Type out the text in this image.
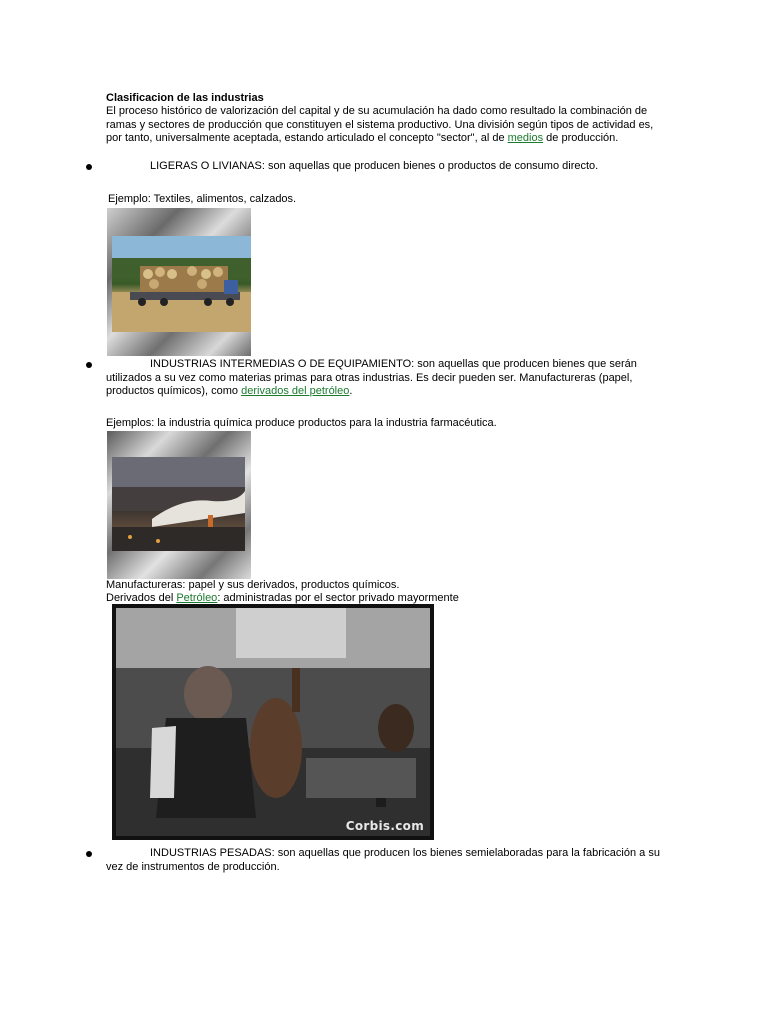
Clasificacion de las industrias
El proceso histórico de valorización del capital y de su acumulación ha dado como resultado la combinación de ramas y sectores de producción que constituyen el sistema productivo. Una división según tipos de actividad es, por tanto, universalmente aceptada, estando articulado el concepto "sector", al de medios de producción.
LIGERAS O LIVIANAS: son aquellas que producen bienes o productos de consumo directo.
Ejemplo: Textiles, alimentos, calzados.
INDUSTRIAS INTERMEDIAS O DE EQUIPAMIENTO: son aquellas que producen bienes que serán utilizados a su vez como materias primas para otras industrias. Es decir pueden ser. Manufactureras (papel, productos químicos), como derivados del petróleo.
Ejemplos: la industria química produce productos para la industria farmacéutica.
Manufactureras: papel y sus derivados, productos químicos.
Derivados del Petróleo: administradas por el sector privado mayormente
Corbis.com
INDUSTRIAS PESADAS: son aquellas que producen los bienes semielaboradas para la fabricación a su vez de instrumentos de producción.
